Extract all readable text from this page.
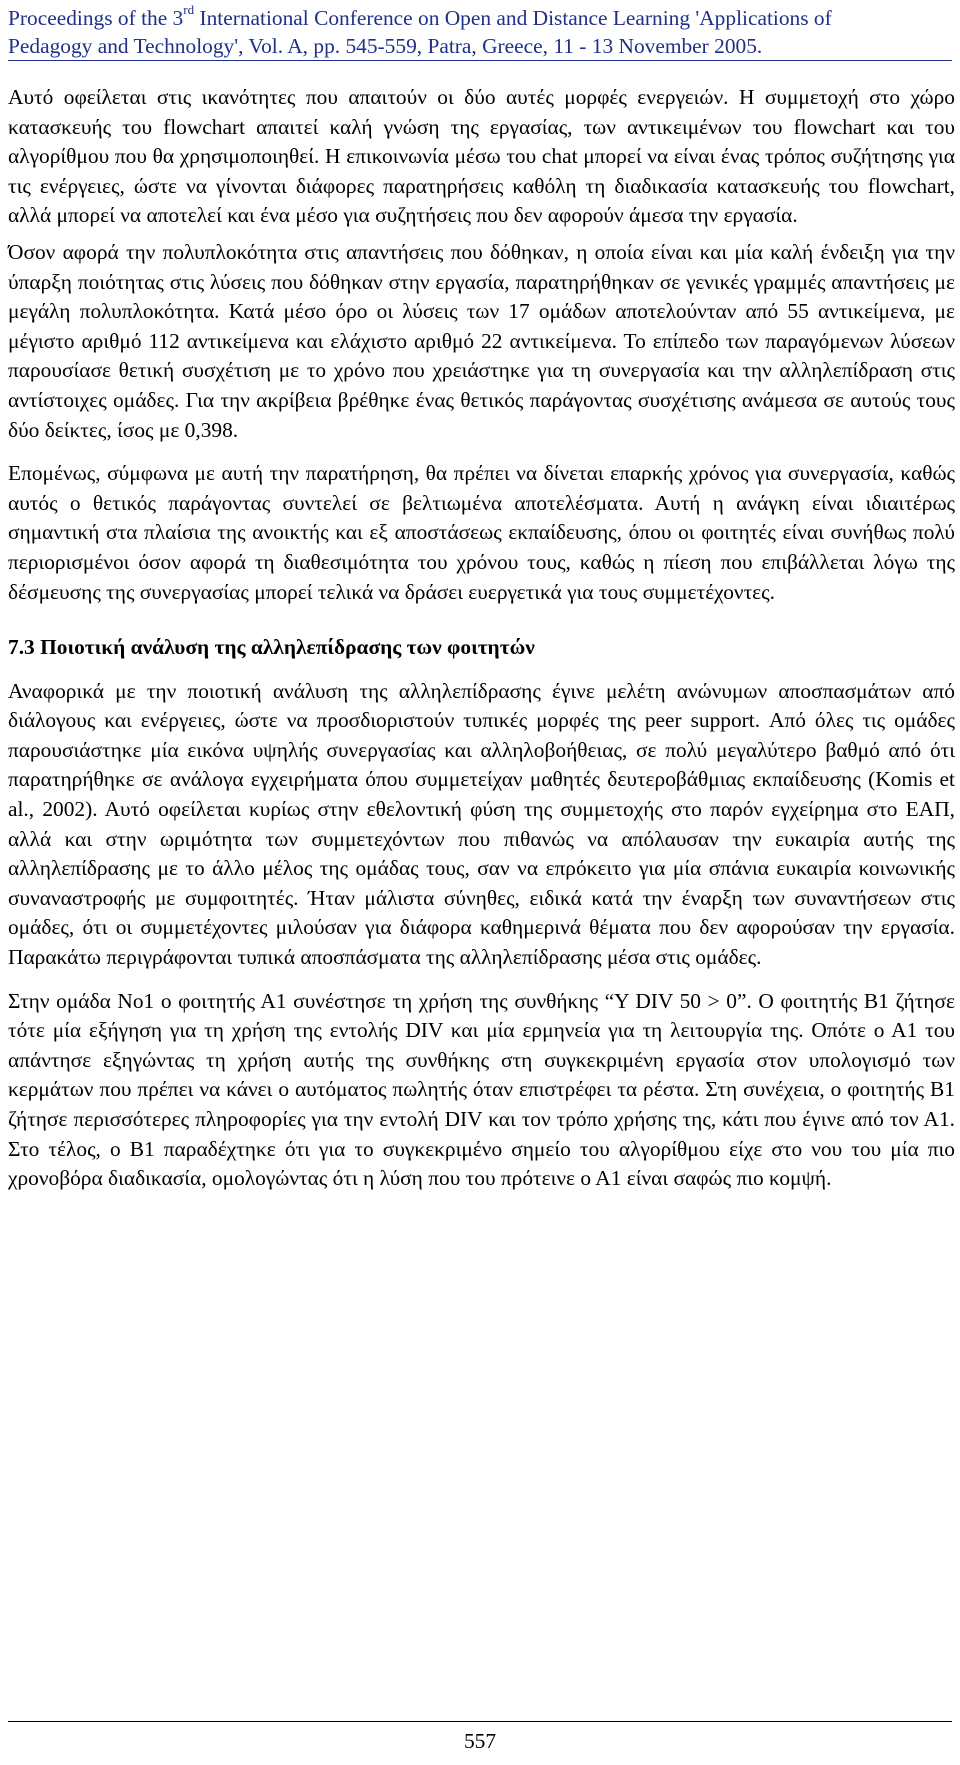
Proceedings of the 3rd International Conference on Open and Distance Learning 'Applications of
Pedagogy and Technology', Vol. A, pp. 545-559, Patra, Greece, 11 - 13 November 2005.

Αυτό οφείλεται στις ικανότητες που απαιτούν οι δύο αυτές μορφές ενεργειών. Η συμμετοχή στο χώρο κατασκευής του flowchart απαιτεί καλή γνώση της εργασίας, των αντικειμένων του flowchart και του αλγορίθμου που θα χρησιμοποιηθεί. Η επικοινωνία μέσω του chat μπορεί να είναι ένας τρόπος συζήτησης για τις ενέργειες, ώστε να γίνονται διάφορες παρατηρήσεις καθόλη τη διαδικασία κατασκευής του flowchart, αλλά μπορεί να αποτελεί και ένα μέσο για συζητήσεις που δεν αφορούν άμεσα την εργασία.

Όσον αφορά την πολυπλοκότητα στις απαντήσεις που δόθηκαν, η οποία είναι και μία καλή ένδειξη για την ύπαρξη ποιότητας στις λύσεις που δόθηκαν στην εργασία, παρατηρήθηκαν σε γενικές γραμμές απαντήσεις με μεγάλη πολυπλοκότητα. Κατά μέσο όρο οι λύσεις των 17 ομάδων αποτελούνταν από 55 αντικείμενα, με μέγιστο αριθμό 112 αντικείμενα και ελάχιστο αριθμό 22 αντικείμενα. Το επίπεδο των παραγόμενων λύσεων παρουσίασε θετική συσχέτιση με το χρόνο που χρειάστηκε για τη συνεργασία και την αλληλεπίδραση στις αντίστοιχες ομάδες. Για την ακρίβεια βρέθηκε ένας θετικός παράγοντας συσχέτισης ανάμεσα σε αυτούς τους δύο δείκτες, ίσος με 0,398.

Επομένως, σύμφωνα με αυτή την παρατήρηση, θα πρέπει να δίνεται επαρκής χρόνος για συνεργασία, καθώς αυτός ο θετικός παράγοντας συντελεί σε βελτιωμένα αποτελέσματα. Αυτή η ανάγκη είναι ιδιαιτέρως σημαντική στα πλαίσια της ανοικτής και εξ αποστάσεως εκπαίδευσης, όπου οι φοιτητές είναι συνήθως πολύ περιορισμένοι όσον αφορά τη διαθεσιμότητα του χρόνου τους, καθώς η πίεση που επιβάλλεται λόγω της δέσμευσης της συνεργασίας μπορεί τελικά να δράσει ευεργετικά για τους συμμετέχοντες.

7.3 Ποιοτική ανάλυση της αλληλεπίδρασης των φοιτητών

Αναφορικά με την ποιοτική ανάλυση της αλληλεπίδρασης έγινε μελέτη ανώνυμων αποσπασμάτων από διάλογους και ενέργειες, ώστε να προσδιοριστούν τυπικές μορφές της peer support. Από όλες τις ομάδες παρουσιάστηκε μία εικόνα υψηλής συνεργασίας και αλληλοβοήθειας, σε πολύ μεγαλύτερο βαθμό από ότι παρατηρήθηκε σε ανάλογα εγχειρήματα όπου συμμετείχαν μαθητές δευτεροβάθμιας εκπαίδευσης (Komis et al., 2002). Αυτό οφείλεται κυρίως στην εθελοντική φύση της συμμετοχής στο παρόν εγχείρημα στο ΕΑΠ, αλλά και στην ωριμότητα των συμμετεχόντων που πιθανώς να απόλαυσαν την ευκαιρία αυτής της αλληλεπίδρασης με το άλλο μέλος της ομάδας τους, σαν να επρόκειτο για μία σπάνια ευκαιρία κοινωνικής συναναστροφής με συμφοιτητές. Ήταν μάλιστα σύνηθες, ειδικά κατά την έναρξη των συναντήσεων στις ομάδες, ότι οι συμμετέχοντες μιλούσαν για διάφορα καθημερινά θέματα που δεν αφορούσαν την εργασία. Παρακάτω περιγράφονται τυπικά αποσπάσματα της αλληλεπίδρασης μέσα στις ομάδες.

Στην ομάδα Νο1 ο φοιτητής Α1 συνέστησε τη χρήση της συνθήκης “Y DIV 50 > 0”. Ο φοιτητής Β1 ζήτησε τότε μία εξήγηση για τη χρήση της εντολής DIV και μία ερμηνεία για τη λειτουργία της. Οπότε ο Α1 του απάντησε εξηγώντας τη χρήση αυτής της συνθήκης στη συγκεκριμένη εργασία στον υπολογισμό των κερμάτων που πρέπει να κάνει ο αυτόματος πωλητής όταν επιστρέφει τα ρέστα. Στη συνέχεια, ο φοιτητής Β1 ζήτησε περισσότερες πληροφορίες για την εντολή DIV και τον τρόπο χρήσης της, κάτι που έγινε από τον Α1. Στο τέλος, ο Β1 παραδέχτηκε ότι για το συγκεκριμένο σημείο του αλγορίθμου είχε στο νου του μία πιο χρονοβόρα διαδικασία, ομολογώντας ότι η λύση που του πρότεινε ο Α1 είναι σαφώς πιο κομψή.

557
